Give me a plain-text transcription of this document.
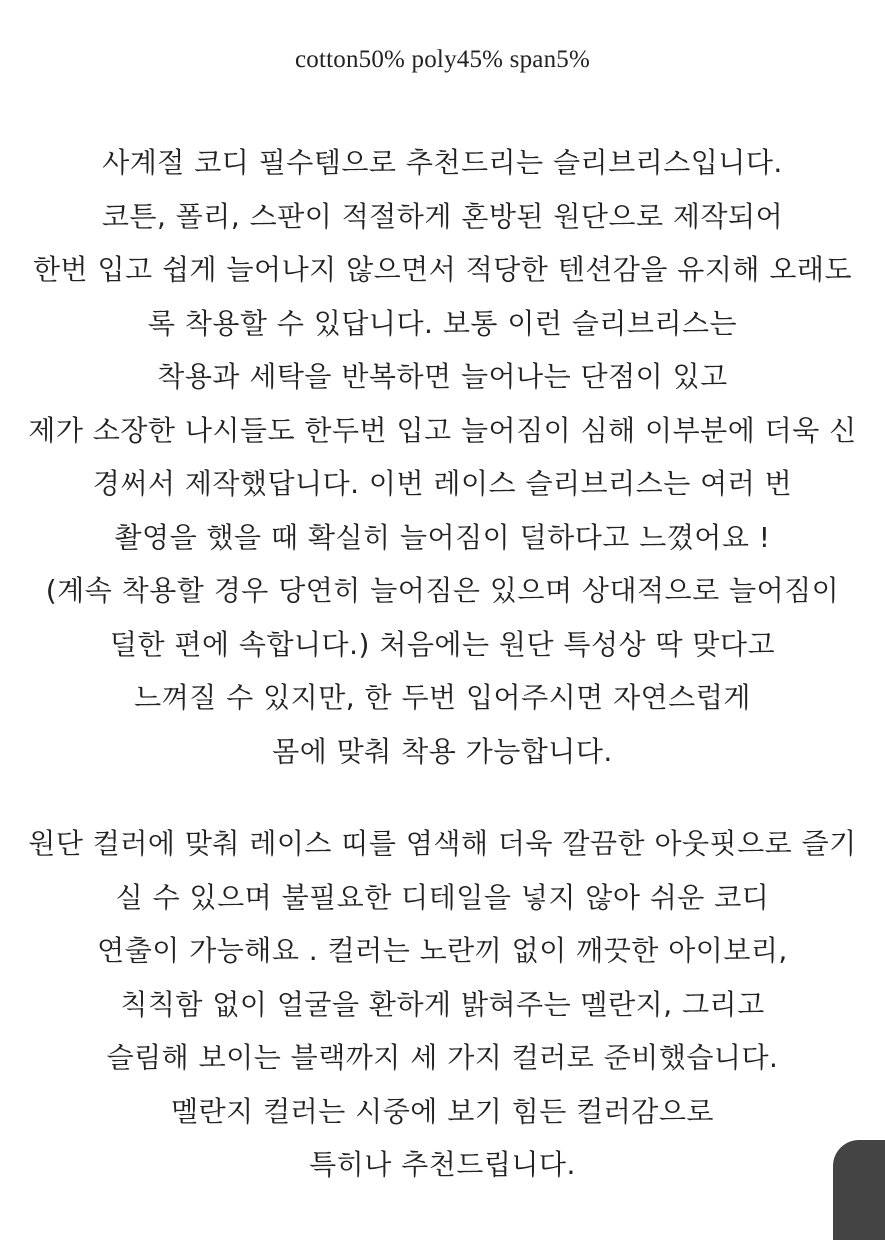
cotton50% poly45% span5%

사계절 코디 필수템으로 추천드리는 슬리브리스입니다.

코튼, 폴리, 스판이 적절하게 혼방된 원단으로 제작되어

한번 입고 쉽게 늘어나지 않으면서 적당한 텐션감을 유지해 오래도

록 착용할 수 있답니다. 보통 이런 슬리브리스는

착용과 세탁을 반복하면 늘어나는 단점이 있고

제가 소장한 나시들도 한두번 입고 늘어짐이 심해 이부분에 더욱 신

경써서 제작했답니다. 이번 레이스 슬리브리스는 여러 번

촬영을 했을 때 확실히 늘어짐이 덜하다고 느꼈어요 !

(계속 착용할 경우 당연히 늘어짐은 있으며 상대적으로 늘어짐이

덜한 편에 속합니다.) 처음에는 원단 특성상 딱 맞다고

느껴질 수 있지만, 한 두번 입어주시면 자연스럽게

몸에 맞춰 착용 가능합니다.

원단 컬러에 맞춰 레이스 띠를 염색해 더욱 깔끔한 아웃핏으로 즐기

실 수 있으며 불필요한 디테일을 넣지 않아 쉬운 코디

연출이 가능해요 . 컬러는 노란끼 없이 깨끗한 아이보리,

칙칙함 없이 얼굴을 환하게 밝혀주는 멜란지, 그리고

슬림해 보이는 블랙까지 세 가지 컬러로 준비했습니다.

멜란지 컬러는 시중에 보기 힘든 컬러감으로

특히나 추천드립니다.
